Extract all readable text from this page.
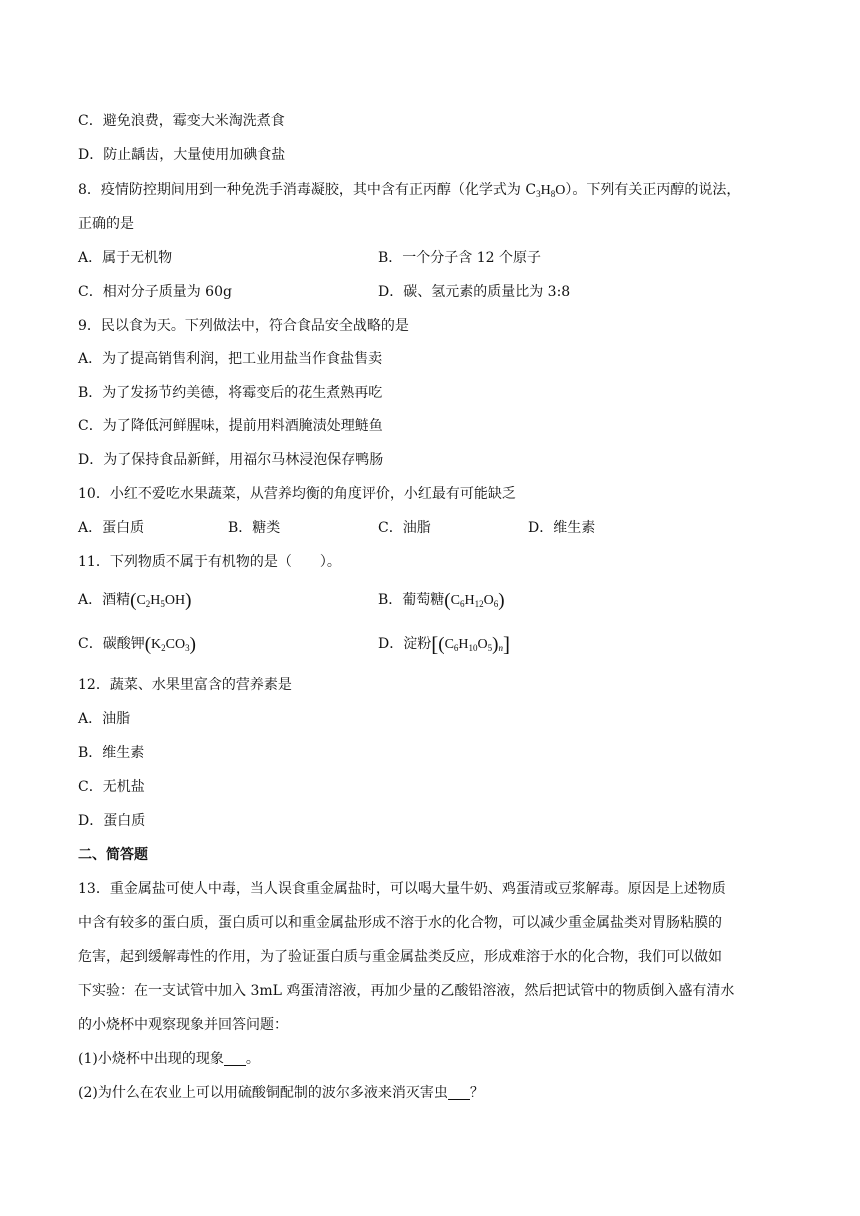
C．避免浪费，霉变大米淘洗煮食
D．防止龋齿，大量使用加碘食盐
8．疫情防控期间用到一种免洗手消毒凝胶，其中含有正丙醇（化学式为 $C_3H_8O$）。下列有关正丙醇的说法，
正确的是
A．属于无机物	B．一个分子含 12 个原子
C．相对分子质量为 60g	D．碳、氢元素的质量比为 3:8
9．民以食为天。下列做法中，符合食品安全战略的是
A．为了提高销售利润，把工业用盐当作食盐售卖
B．为了发扬节约美德，将霉变后的花生煮熟再吃
C．为了降低河鲜腥味，提前用料酒腌渍处理鲢鱼
D．为了保持食品新鲜，用福尔马林浸泡保存鸭肠
10．小红不爱吃水果蔬菜，从营养均衡的角度评价，小红最有可能缺乏
A．蛋白质	B．糖类	C．油脂	D．维生素
11．下列物质不属于有机物的是（　　）。
A．酒精$(C_2H_5OH)$	B．葡萄糖$(C_6H_{12}O_6)$
C．碳酸钾$(K_2CO_3)$	D．淀粉$[(C_6H_{10}O_5)_n]$
12．蔬菜、水果里富含的营养素是
A．油脂
B．维生素
C．无机盐
D．蛋白质
二、简答题
13．重金属盐可使人中毒，当人误食重金属盐时，可以喝大量牛奶、鸡蛋清或豆浆解毒。原因是上述物质
中含有较多的蛋白质，蛋白质可以和重金属盐形成不溶于水的化合物，可以减少重金属盐类对胃肠粘膜的
危害，起到缓解毒性的作用，为了验证蛋白质与重金属盐类反应，形成难溶于水的化合物，我们可以做如
下实验：在一支试管中加入 3mL 鸡蛋清溶液，再加少量的乙酸铅溶液，然后把试管中的物质倒入盛有清水
的小烧杯中观察现象并回答问题：
(1)小烧杯中出现的现象 。
(2)为什么在农业上可以用硫酸铜配制的波尔多液来消灭害虫 ？
